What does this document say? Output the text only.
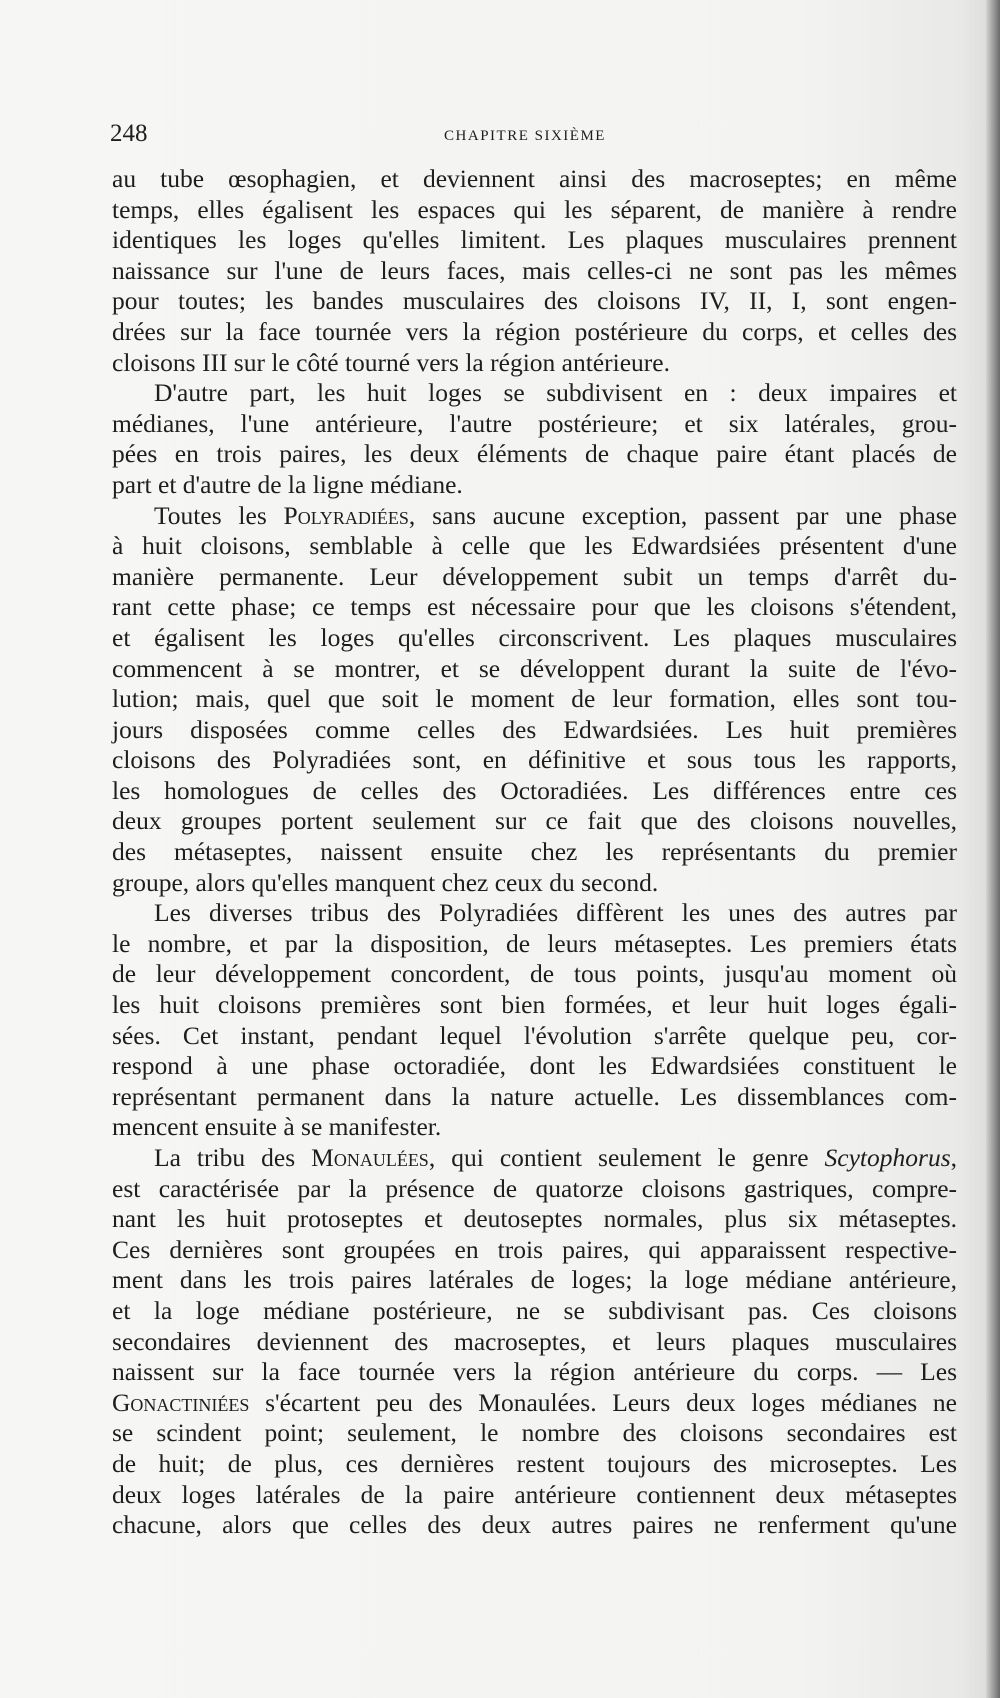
248	CHAPITRE SIXIÈME
au tube œsophagien, et deviennent ainsi des macroseptes; en même
temps, elles égalisent les espaces qui les séparent, de manière à rendre
identiques les loges qu'elles limitent. Les plaques musculaires prennent
naissance sur l'une de leurs faces, mais celles-ci ne sont pas les mêmes
pour toutes; les bandes musculaires des cloisons IV, II, I, sont engen-
drées sur la face tournée vers la région postérieure du corps, et celles des
cloisons III sur le côté tourné vers la région antérieure.
D'autre part, les huit loges se subdivisent en : deux impaires et
médianes, l'une antérieure, l'autre postérieure; et six latérales, grou-
pées en trois paires, les deux éléments de chaque paire étant placés de
part et d'autre de la ligne médiane.
Toutes les Polyradiées, sans aucune exception, passent par une phase
à huit cloisons, semblable à celle que les Edwardsiées présentent d'une
manière permanente. Leur développement subit un temps d'arrêt du-
rant cette phase; ce temps est nécessaire pour que les cloisons s'étendent,
et égalisent les loges qu'elles circonscrivent. Les plaques musculaires
commencent à se montrer, et se développent durant la suite de l'évo-
lution; mais, quel que soit le moment de leur formation, elles sont tou-
jours disposées comme celles des Edwardsiées. Les huit premières
cloisons des Polyradiées sont, en définitive et sous tous les rapports,
les homologues de celles des Octoradiées. Les différences entre ces
deux groupes portent seulement sur ce fait que des cloisons nouvelles,
des métaseptes, naissent ensuite chez les représentants du premier
groupe, alors qu'elles manquent chez ceux du second.
Les diverses tribus des Polyradiées diffèrent les unes des autres par
le nombre, et par la disposition, de leurs métaseptes. Les premiers états
de leur développement concordent, de tous points, jusqu'au moment où
les huit cloisons premières sont bien formées, et leur huit loges égali-
sées. Cet instant, pendant lequel l'évolution s'arrête quelque peu, cor-
respond à une phase octoradiée, dont les Edwardsiées constituent le
représentant permanent dans la nature actuelle. Les dissemblances com-
mencent ensuite à se manifester.
La tribu des Monaulées, qui contient seulement le genre Scytophorus,
est caractérisée par la présence de quatorze cloisons gastriques, compre-
nant les huit protoseptes et deutoseptes normales, plus six métaseptes.
Ces dernières sont groupées en trois paires, qui apparaissent respective-
ment dans les trois paires latérales de loges; la loge médiane antérieure,
et la loge médiane postérieure, ne se subdivisant pas. Ces cloisons
secondaires deviennent des macroseptes, et leurs plaques musculaires
naissent sur la face tournée vers la région antérieure du corps. — Les
Gonactiniées s'écartent peu des Monaulées. Leurs deux loges médianes ne
se scindent point; seulement, le nombre des cloisons secondaires est
de huit; de plus, ces dernières restent toujours des microseptes. Les
deux loges latérales de la paire antérieure contiennent deux métaseptes
chacune, alors que celles des deux autres paires ne renferment qu'une
